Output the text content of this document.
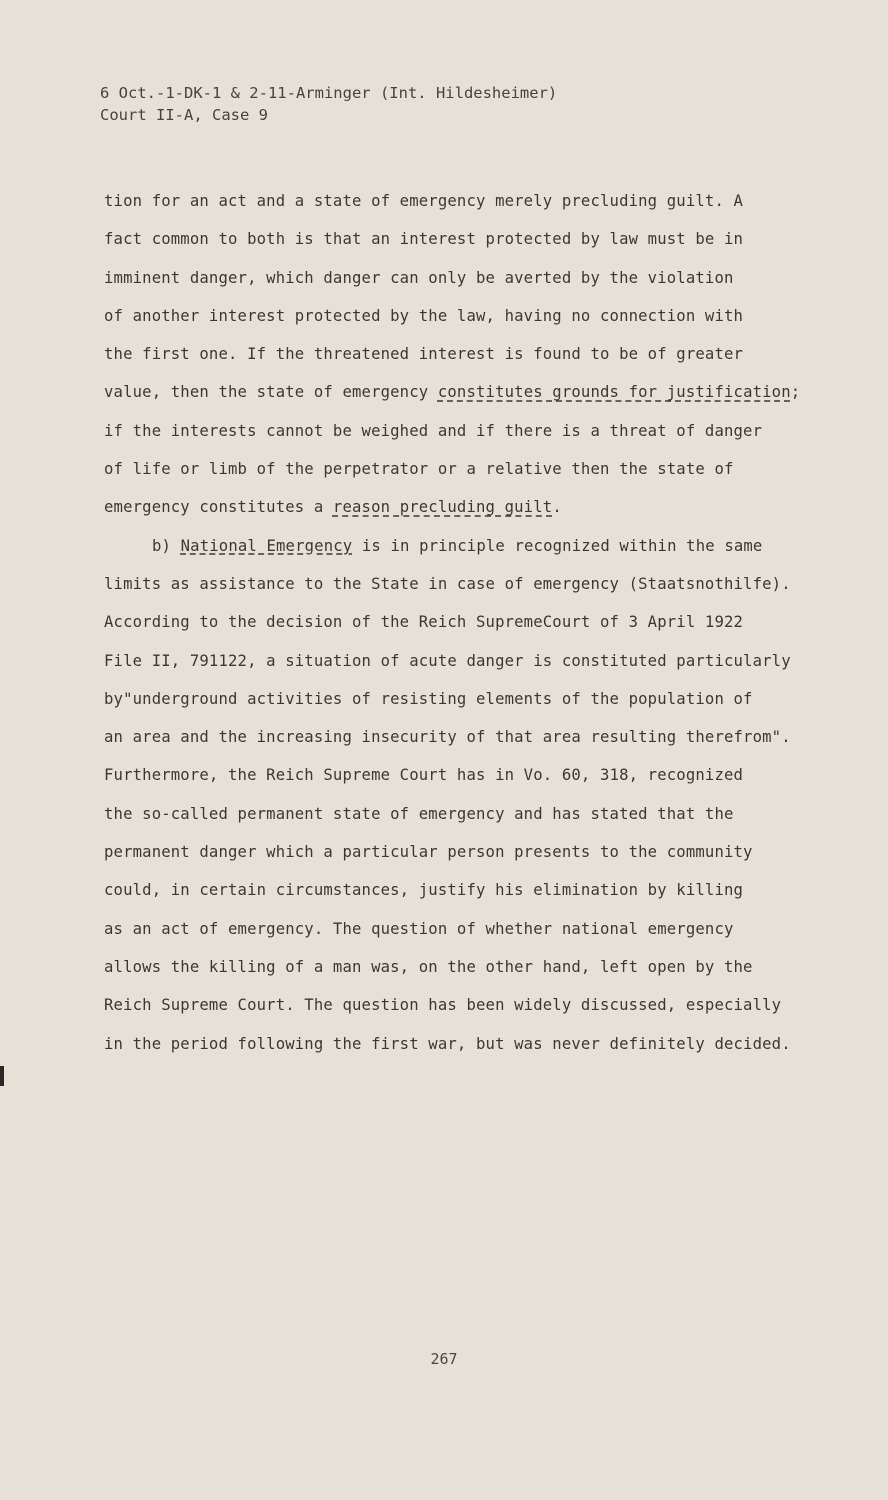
6 Oct.-1-DK-1 & 2-11-Arminger (Int. Hildesheimer)
Court II-A, Case 9
tion for an act and a state of emergency merely precluding guilt. A
fact common to both is that an interest protected by law must be in
imminent danger, which danger can only be averted by the violation
of another interest protected by the law, having no connection with
the first one. If the threatened interest is found to be of greater
value, then the state of emergency constitutes grounds for justification;
if the interests cannot be weighed and if there is a threat of danger
of life or limb of the perpetrator or a relative then the state of
emergency constitutes a reason precluding guilt.
b) National Emergency is in principle recognized within the same
limits as assistance to the State in case of emergency (Staatsnothilfe).
According to the decision of the Reich SupremeCourt of 3 April 1922
File II, 791122, a situation of acute danger is constituted particularly
by"underground activities of resisting elements of the population of
an area and the increasing insecurity of that area resulting therefrom".
Furthermore, the Reich Supreme Court has in Vo. 60, 318, recognized
the so-called permanent state of emergency and has stated that the
permanent danger which a particular person presents to the community
could, in certain circumstances, justify his elimination by killing
as an act of emergency. The question of whether national emergency
allows the killing of a man was, on the other hand, left open by the
Reich Supreme Court. The question has been widely discussed, especially
in the period following the first war, but was never definitely decided.
267
